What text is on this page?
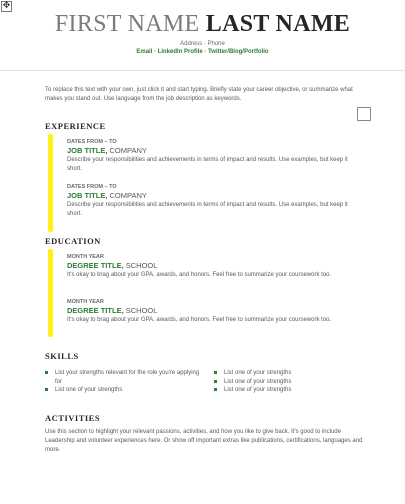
✥
FIRST NAME LAST NAME
Address · Phone
Email · LinkedIn Profile · Twitter/Blog/Portfolio
To replace this text with your own, just click it and start typing. Briefly state your career objective, or summarize what makes you stand out. Use language from the job description as keywords.
EXPERIENCE
DATES FROM – TO
JOB TITLE, COMPANY
Describe your responsibilities and achievements in terms of impact and results. Use examples, but keep it short.
DATES FROM – TO
JOB TITLE, COMPANY
Describe your responsibilities and achievements in terms of impact and results. Use examples, but keep it short.
EDUCATION
MONTH YEAR
DEGREE TITLE, SCHOOL
It's okay to brag about your GPA, awards, and honors. Feel free to summarize your coursework too.
MONTH YEAR
DEGREE TITLE, SCHOOL
It's okay to brag about your GPA, awards, and honors. Feel free to summarize your coursework too.
SKILLS
List your strengths relevant for the role you're applying for
List one of your strengths
List one of your strengths
List one of your strengths
List one of your strengths
ACTIVITIES
Use this section to highlight your relevant passions, activities, and how you like to give back. It's good to include Leadership and volunteer experiences here. Or show off important extras like publications, certifications, languages and more.
